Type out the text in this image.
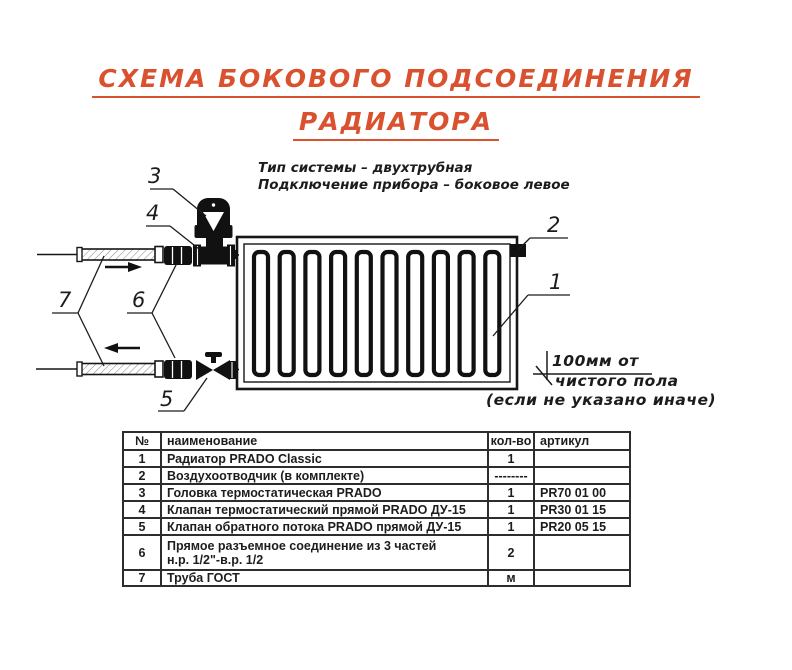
СХЕМА БОКОВОГО ПОДСОЕДИНЕНИЯ
РАДИАТОРА
Тип системы – двухтрубная
Подключение прибора – боковое левое
3
4
7	6
5
2
1
100мм от
чистого пола
(если не указано иначе)
№	наименование	кол-во	артикул
1	Радиатор PRADO Classic	1	
2	Воздухоотводчик (в комплекте)	--------	
3	Головка термостатическая PRADO	1	PR70 01 00
4	Клапан термостатический прямой PRADO ДУ-15	1	PR30 01 15
5	Клапан обратного потока PRADO прямой ДУ-15	1	PR20 05 15
6	Прямое разъемное соединение из 3 частей
н.р. 1/2"-в.р. 1/2	2	
7	Труба ГОСТ	м	
